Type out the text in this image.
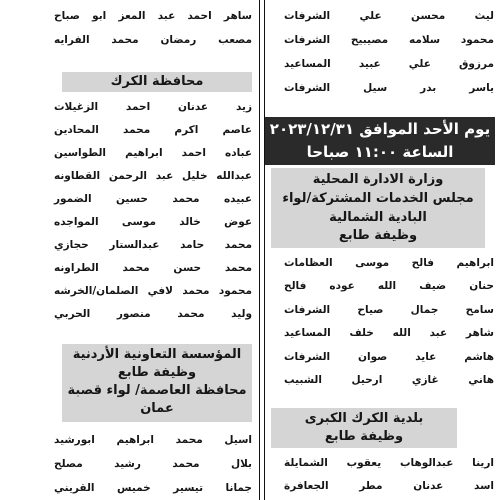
ليث محسن علي الشرفات
محمود سلامه مصيبيح الشرفات
مرزوق علي عبيد المساعيد
ياسر بدر سيل الشرفات
يوم الأحد الموافق ٢٠٢٣/١٢/٣١
الساعة ١١:٠٠ صباحا
وزارة الادارة المحلية
مجلس الخدمات المشتركة/لواء
البادية الشمالية
وظيفة طابع
ابراهيم فالح موسى العظامات
حنان ضيف الله عوده فالح
سامح جمال صياح الشرفات
شاهر عبد الله خلف المساعيد
هاشم عايد صوان الشرفات
هاني غازي ارحيل الشبيب
بلدية الكرك الكبرى
وظيفة طابع
ارينا عبدالوهاب يعقوب الشمايلة
اسد عدنان مطر الجعافرة
ساهر احمد عبد المعز ابو صباح
مصعب رمضان محمد الفرايه
محافظة الكرك
زيد عدنان احمد الزغيلات
عاصم اكرم محمد المحادين
عباده احمد ابراهيم الطواسين
عبدالله خليل عبد الرحمن القطاونه
عبيده محمد حسين الضمور
عوض خالد موسى المواجده
محمد حامد عبدالستار حجازي
محمد حسن محمد الطراونه
محمود محمد لافي الصلمان/الخرشه
وليد محمد منصور الحربي
المؤسسة التعاونية الأردنية
وظيفة طابع
محافظة العاصمة/ لواء قصبة
عمان
اسيل محمد ابراهيم ابورشيد
بلال محمد رشيد مصلح
جمانا تيسير خميس القريني
